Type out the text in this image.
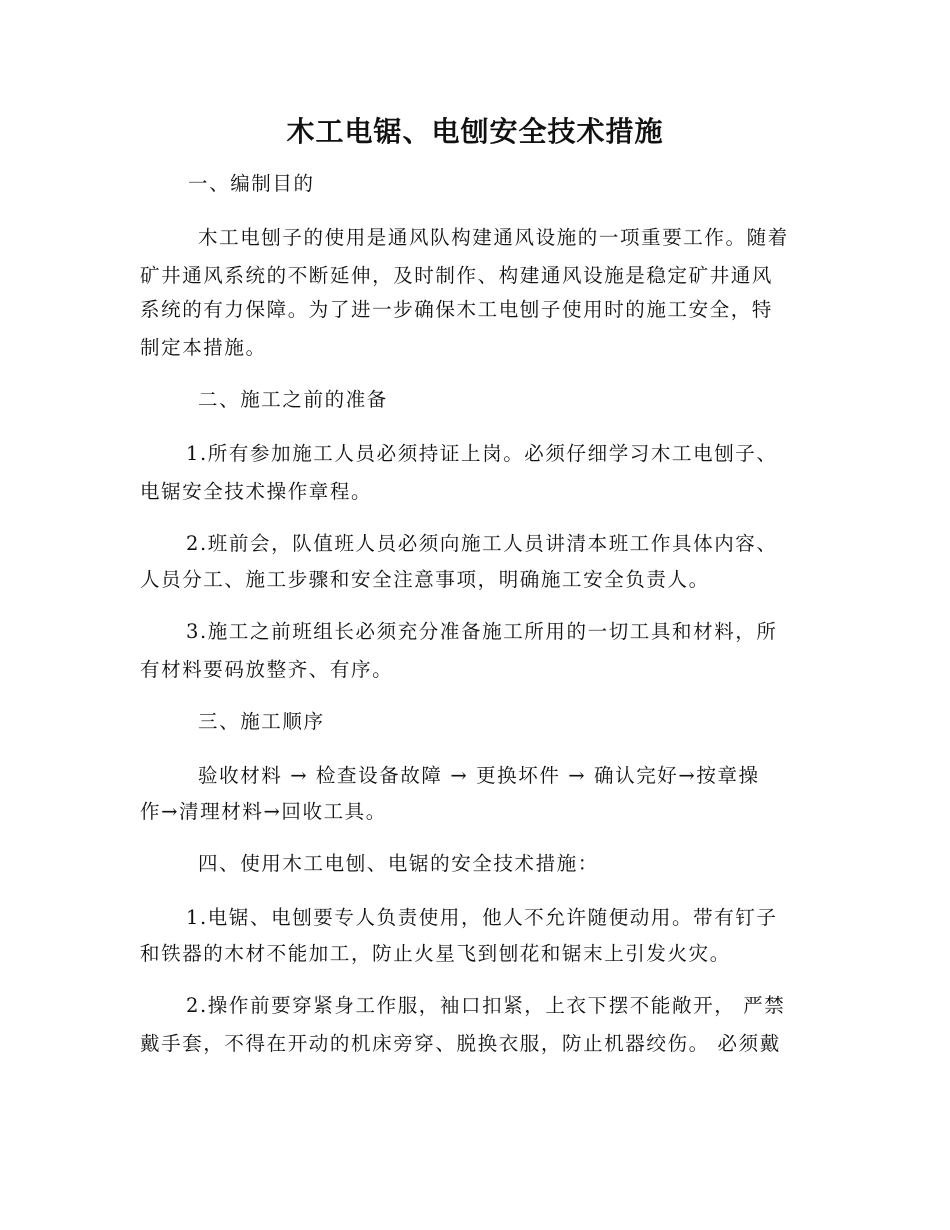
木工电锯、电刨安全技术措施

一、编制目的

木工电刨子的使用是通风队构建通风设施的一项重要工作。随着

矿井通风系统的不断延伸，及时制作、构建通风设施是稳定矿井通风

系统的有力保障。为了进一步确保木工电刨子使用时的施工安全，特

制定本措施。

二、施工之前的准备

1.所有参加施工人员必须持证上岗。必须仔细学习木工电刨子、

电锯安全技术操作章程。

2.班前会，队值班人员必须向施工人员讲清本班工作具体内容、

人员分工、施工步骤和安全注意事项，明确施工安全负责人。

3.施工之前班组长必须充分准备施工所用的一切工具和材料，所

有材料要码放整齐、有序。

三、施工顺序

验收材料 → 检查设备故障 → 更换坏件 → 确认完好→按章操

作→清理材料→回收工具。

四、使用木工电刨、电锯的安全技术措施：

1.电锯、电刨要专人负责使用，他人不允许随便动用。带有钉子

和铁器的木材不能加工，防止火星飞到刨花和锯末上引发火灾。

2.操作前要穿紧身工作服，袖口扣紧，上衣下摆不能敞开， 严禁

戴手套，不得在开动的机床旁穿、脱换衣服，防止机器绞伤。 必须戴
